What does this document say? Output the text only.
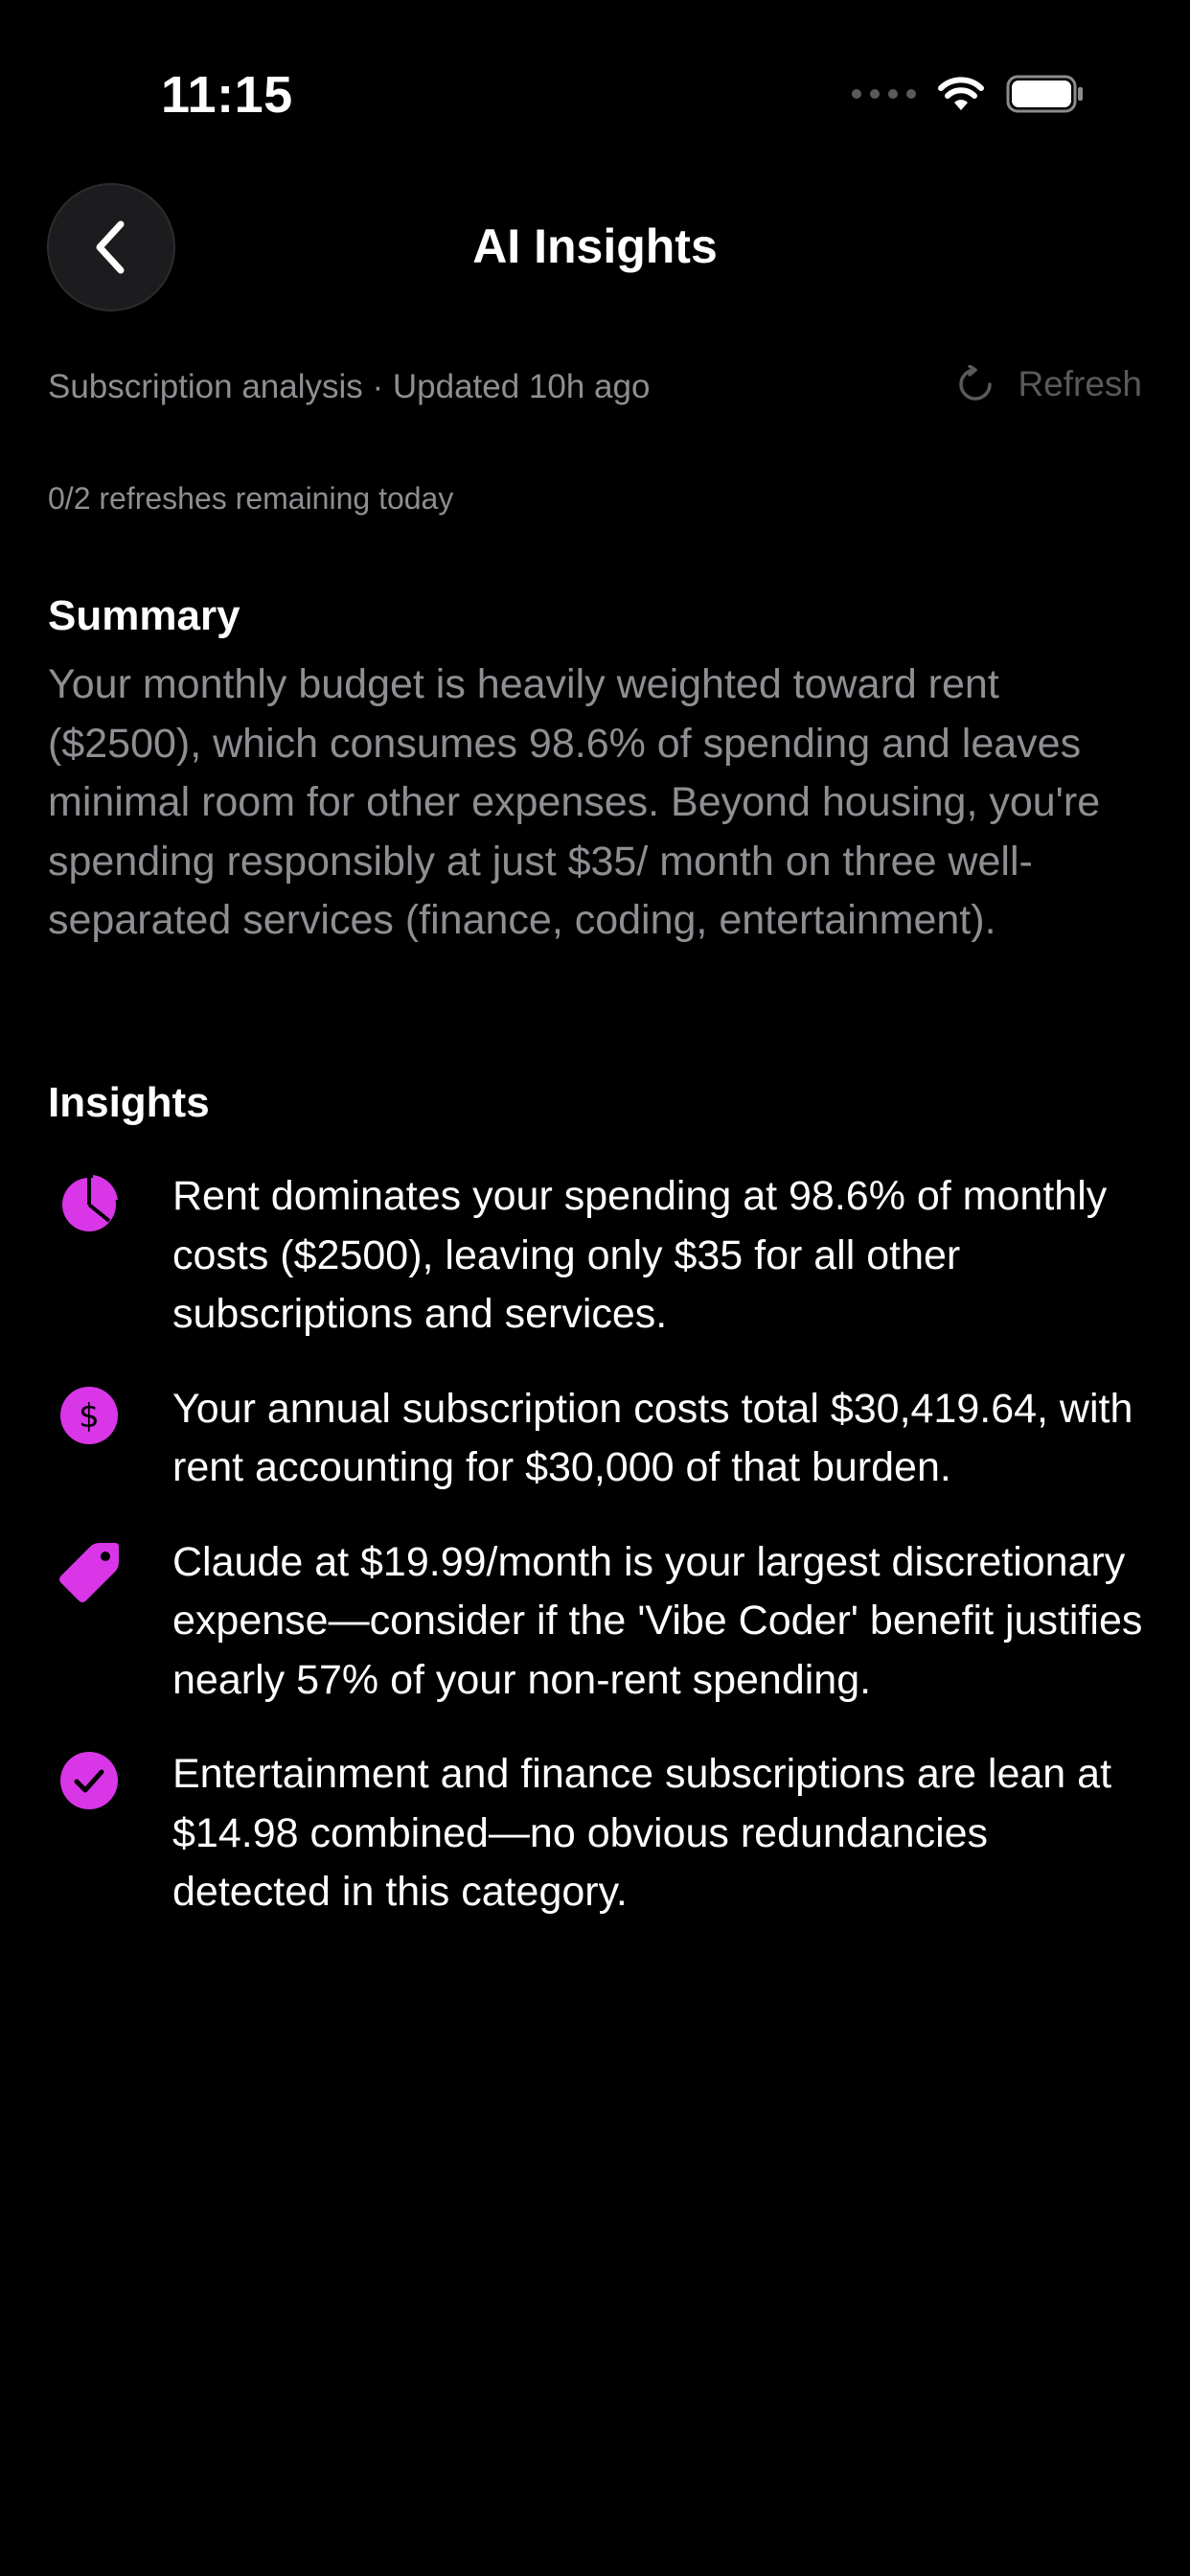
11:15
AI Insights
Subscription analysis · Updated 10h ago	Refresh
0/2 refreshes remaining today
Summary

Your monthly budget is heavily weighted toward rent ($2500), which consumes 98.6% of spending and leaves minimal room for other expenses. Beyond housing, you're spending responsibly at just $35/ month on three well-separated services (finance, coding, entertainment).

Insights
Rent dominates your spending at 98.6% of monthly costs ($2500), leaving only $35 for all other subscriptions and services.
$ Your annual subscription costs total $30,419.64, with rent accounting for $30,000 of that burden.
Claude at $19.99/month is your largest discretionary expense—consider if the 'Vibe Coder' benefit justifies nearly 57% of your non-rent spending.
Entertainment and finance subscriptions are lean at $14.98 combined—no obvious redundancies detected in this category.
